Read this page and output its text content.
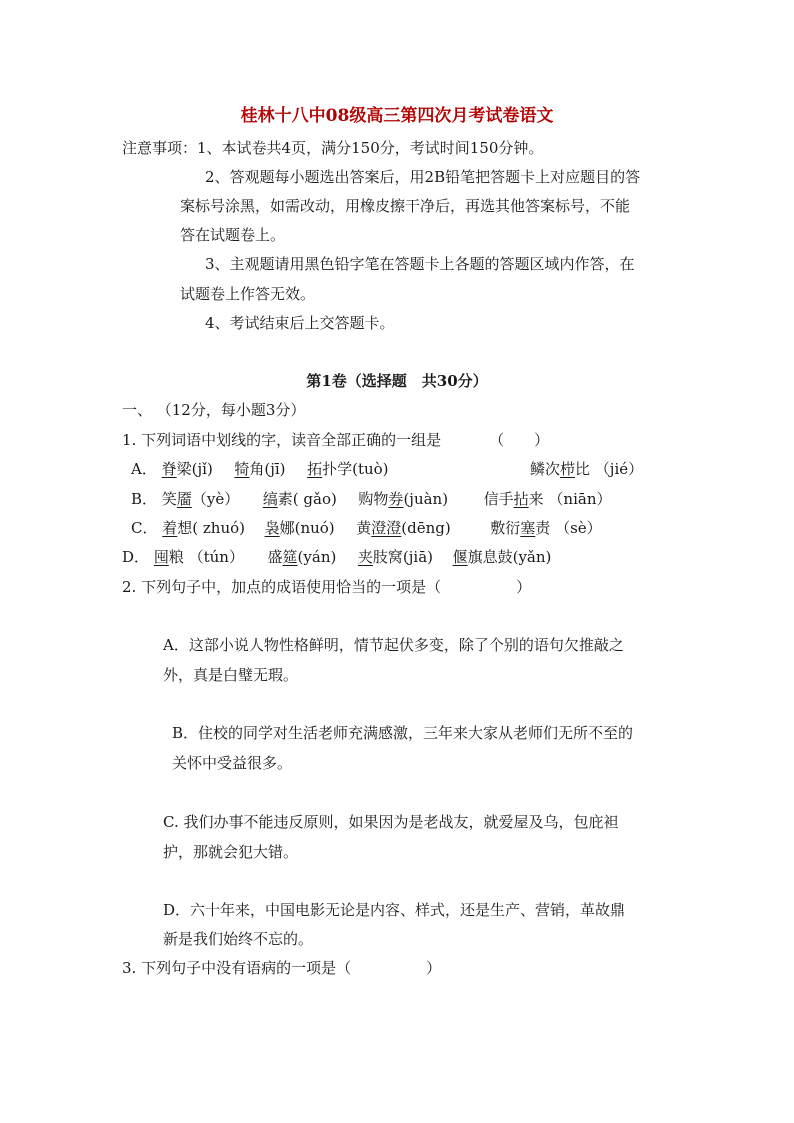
桂林十八中08级高三第四次月考试卷语文
注意事项：1、本试卷共4页，满分150分，考试时间150分钟。
2、答观题每小题选出答案后，用2B铅笔把答题卡上对应题目的答
案标号涂黑，如需改动，用橡皮擦干净后，再选其他答案标号，不能
答在试题卷上。
3、主观题请用黑色铅字笔在答题卡上各题的答题区域内作答，在
试题卷上作答无效。
4、考试结束后上交答题卡。
第1卷（选择题　共30分）
一、 （12分，每小题3分）
1. 下列词语中划线的字，读音全部正确的一组是	（　　）
A． 脊梁(jǐ) 犄角(jī) 拓扑学(tuò)	鳞次栉比 （jié）
B． 笑靥（yè） 缟素( gǎo) 购物券(juàn) 信手拈来 （niān）
C． 着想( zhuó) 袅娜(nuó) 黄澄澄(dēng)	敷衍塞责 （sè）
D． 囤粮 （tún） 盛筵(yán) 夹肢窝(jiā) 偃旗息鼓(yǎn)
2. 下列句子中，加点的成语使用恰当的一项是（　　　　　）
A．这部小说人物性格鲜明，情节起伏多变，除了个别的语句欠推敲之
外，真是白璧无瑕。
B．住校的同学对生活老师充满感激，三年来大家从老师们无所不至的
关怀中受益很多。
C. 我们办事不能违反原则，如果因为是老战友，就爱屋及乌，包庇袒
护，那就会犯大错。
D．六十年来，中国电影无论是内容、样式，还是生产、营销，革故鼎
新是我们始终不忘的。
3. 下列句子中没有语病的一项是（　　　　　）
